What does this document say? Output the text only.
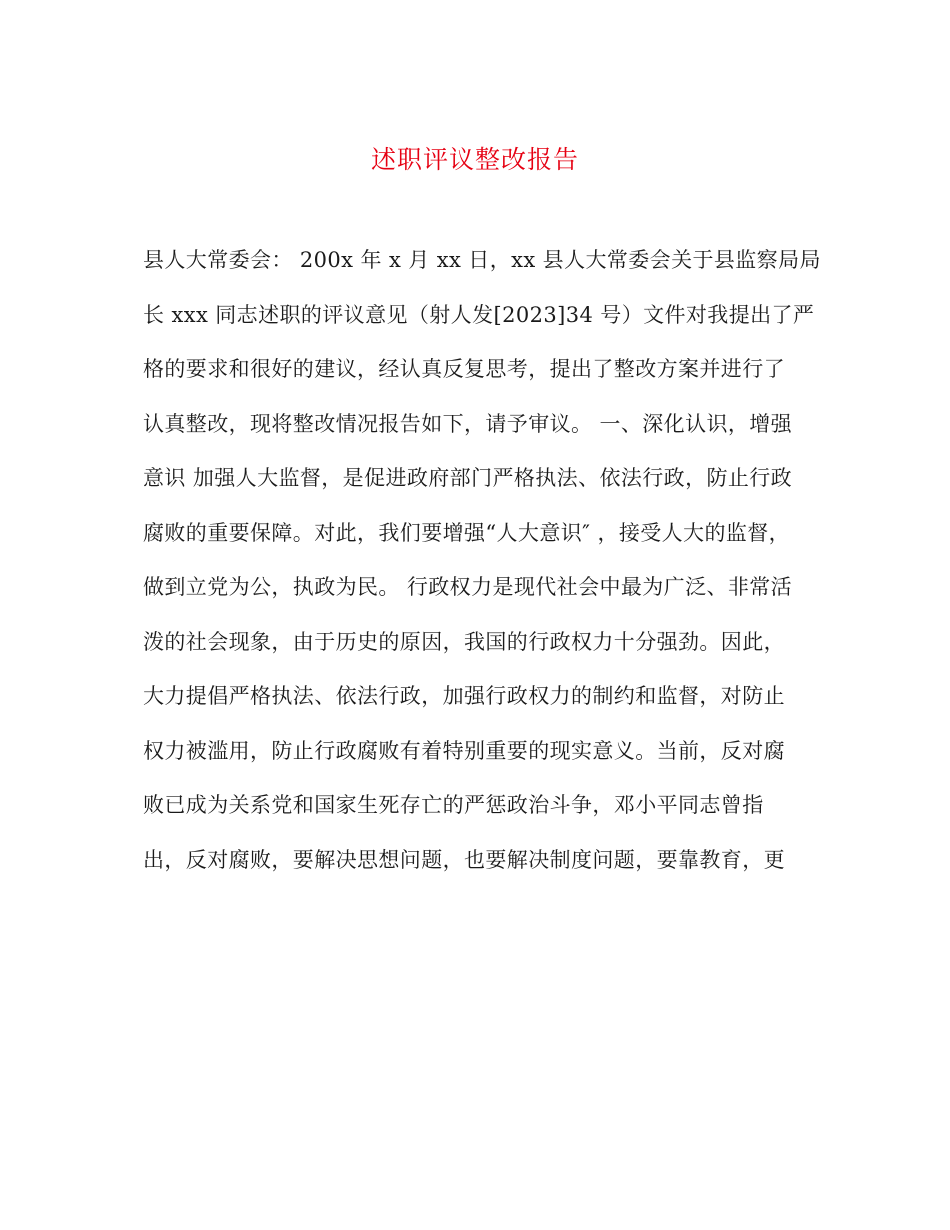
述职评议整改报告
县人大常委会： 200x 年 x 月 xx 日，xx 县人大常委会关于县监察局局
长 xxx 同志述职的评议意见（射人发[2023]34 号）文件对我提出了严
格的要求和很好的建议，经认真反复思考，提出了整改方案并进行了
认真整改，现将整改情况报告如下，请予审议。 一、深化认识，增强
意识 加强人大监督，是促进政府部门严格执法、依法行政，防止行政
腐败的重要保障。对此，我们要增强“人大意识″ ，接受人大的监督，
做到立党为公，执政为民。 行政权力是现代社会中最为广泛、非常活
泼的社会现象，由于历史的原因，我国的行政权力十分强劲。因此，
大力提倡严格执法、依法行政，加强行政权力的制约和监督，对防止
权力被滥用，防止行政腐败有着特别重要的现实意义。当前，反对腐
败已成为关系党和国家生死存亡的严惩政治斗争，邓小平同志曾指
出，反对腐败，要解决思想问题，也要解决制度问题，要靠教育，更
